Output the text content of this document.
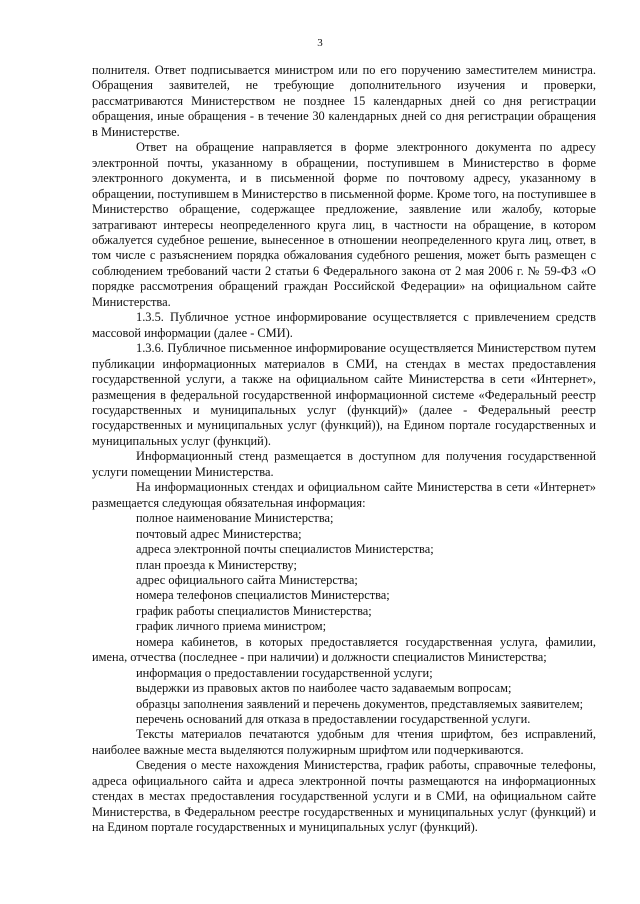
3

полнителя. Ответ подписывается министром или по его поручению заместителем министра. Обращения заявителей, не требующие дополнительного изучения и проверки, рассматриваются Министерством не позднее 15 календарных дней со дня регистрации обращения, иные обращения - в течение 30 календарных дней со дня регистрации обращения в Министерстве.

Ответ на обращение направляется в форме электронного документа по адресу электронной почты, указанному в обращении, поступившем в Министерство в форме электронного документа, и в письменной форме по почтовому адресу, указанному в обращении, поступившем в Министерство в письменной форме. Кроме того, на поступившее в Министерство обращение, содержащее предложение, заявление или жалобу, которые затрагивают интересы неопределенного круга лиц, в частности на обращение, в котором обжалуется судебное решение, вынесенное в отношении неопределенного круга лиц, ответ, в том числе с разъяснением порядка обжалования судебного решения, может быть размещен с соблюдением требований части 2 статьи 6 Федерального закона от 2 мая 2006 г. № 59-ФЗ «О порядке рассмотрения обращений граждан Российской Федерации» на официальном сайте Министерства.

1.3.5. Публичное устное информирование осуществляется с привлечением средств массовой информации (далее - СМИ).

1.3.6. Публичное письменное информирование осуществляется Министерством путем публикации информационных материалов в СМИ, на стендах в местах предоставления государственной услуги, а также на официальном сайте Министерства в сети «Интернет», размещения в федеральной государственной информационной системе «Федеральный реестр государственных и муниципальных услуг (функций)» (далее - Федеральный реестр государственных и муниципальных услуг (функций)), на Едином портале государственных и муниципальных услуг (функций).

Информационный стенд размещается в доступном для получения государственной услуги помещении Министерства.

На информационных стендах и официальном сайте Министерства в сети «Интернет» размещается следующая обязательная информация:

полное наименование Министерства;

почтовый адрес Министерства;

адреса электронной почты специалистов Министерства;

план проезда к Министерству;

адрес официального сайта Министерства;

номера телефонов специалистов Министерства;

график работы специалистов Министерства;

график личного приема министром;

номера кабинетов, в которых предоставляется государственная услуга, фамилии, имена, отчества (последнее - при наличии) и должности специалистов Министерства;

информация о предоставлении государственной услуги;

выдержки из правовых актов по наиболее часто задаваемым вопросам;

образцы заполнения заявлений и перечень документов, представляемых заявителем;

перечень оснований для отказа в предоставлении государственной услуги.

Тексты материалов печатаются удобным для чтения шрифтом, без исправлений, наиболее важные места выделяются полужирным шрифтом или подчеркиваются.

Сведения о месте нахождения Министерства, график работы, справочные телефоны, адреса официального сайта и адреса электронной почты размещаются на информационных стендах в местах предоставления государственной услуги и в СМИ, на официальном сайте Министерства, в Федеральном реестре государственных и муниципальных услуг (функций) и на Едином портале государственных и муниципальных услуг (функций).
